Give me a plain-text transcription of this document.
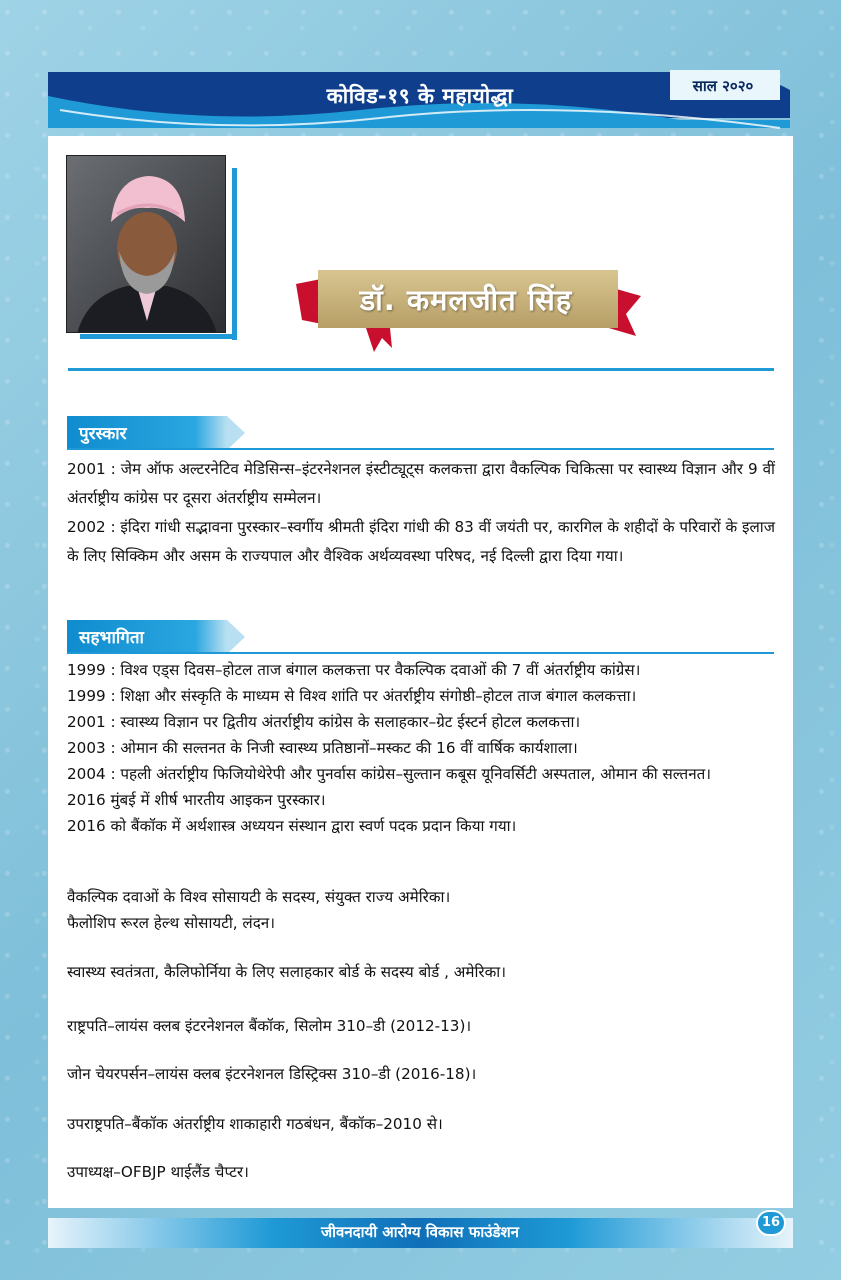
कोविड-१९ के महायोद्धा	साल २०२०
डॉ. कमलजीत सिंह
पुरस्कार

2001 : जेम ऑफ अल्टरनेटिव मेडिसिन्स–इंटरनेशनल इंस्टीट्यूट्स कलकत्ता द्वारा वैकल्पिक चिकित्सा पर स्वास्थ्य विज्ञान और 9 वीं अंतर्राष्ट्रीय कांग्रेस पर दूसरा अंतर्राष्ट्रीय सम्मेलन।

2002 : इंदिरा गांधी सद्भावना पुरस्कार–स्वर्गीय श्रीमती इंदिरा गांधी की 83 वीं जयंती पर, कारगिल के शहीदों के परिवारों के इलाज के लिए सिक्किम और असम के राज्यपाल और वैश्विक अर्थव्यवस्था परिषद, नई दिल्ली द्वारा दिया गया।

सहभागिता

1999 : विश्व एड्स दिवस–होटल ताज बंगाल कलकत्ता पर वैकल्पिक दवाओं की 7 वीं अंतर्राष्ट्रीय कांग्रेस।

1999 : शिक्षा और संस्कृति के माध्यम से विश्व शांति पर अंतर्राष्ट्रीय संगोष्ठी–होटल ताज बंगाल कलकत्ता।

2001 : स्वास्थ्य विज्ञान पर द्वितीय अंतर्राष्ट्रीय कांग्रेस के सलाहकार–ग्रेट ईस्टर्न होटल कलकत्ता।

2003 : ओमान की सल्तनत के निजी स्वास्थ्य प्रतिष्ठानों–मस्कट की 16 वीं वार्षिक कार्यशाला।

2004 : पहली अंतर्राष्ट्रीय फिजियोथेरेपी और पुनर्वास कांग्रेस–सुल्तान कबूस यूनिवर्सिटी अस्पताल, ओमान की सल्तनत।

2016 मुंबई में शीर्ष भारतीय आइकन पुरस्कार।

2016 को बैंकॉक में अर्थशास्त्र अध्ययन संस्थान द्वारा स्वर्ण पदक प्रदान किया गया।

वैकल्पिक दवाओं के विश्व सोसायटी के सदस्य, संयुक्त राज्य अमेरिका।

फैलोशिप रूरल हेल्थ सोसायटी, लंदन।

स्वास्थ्य स्वतंत्रता, कैलिफोर्निया के लिए सलाहकार बोर्ड के सदस्य बोर्ड , अमेरिका।
राष्ट्रपति–लायंस क्लब इंटरनेशनल बैंकॉक, सिलोम 310–डी (2012-13)।
जोन चेयरपर्सन–लायंस क्लब इंटरनेशनल डिस्ट्रिक्स 310–डी (2016-18)।
उपराष्ट्रपति–बैंकॉक अंतर्राष्ट्रीय शाकाहारी गठबंधन, बैंकॉक–2010 से।
उपाध्यक्ष–OFBJP थाईलैंड चैप्टर।
जीवनदायी आरोग्य विकास फाउंडेशन
16
